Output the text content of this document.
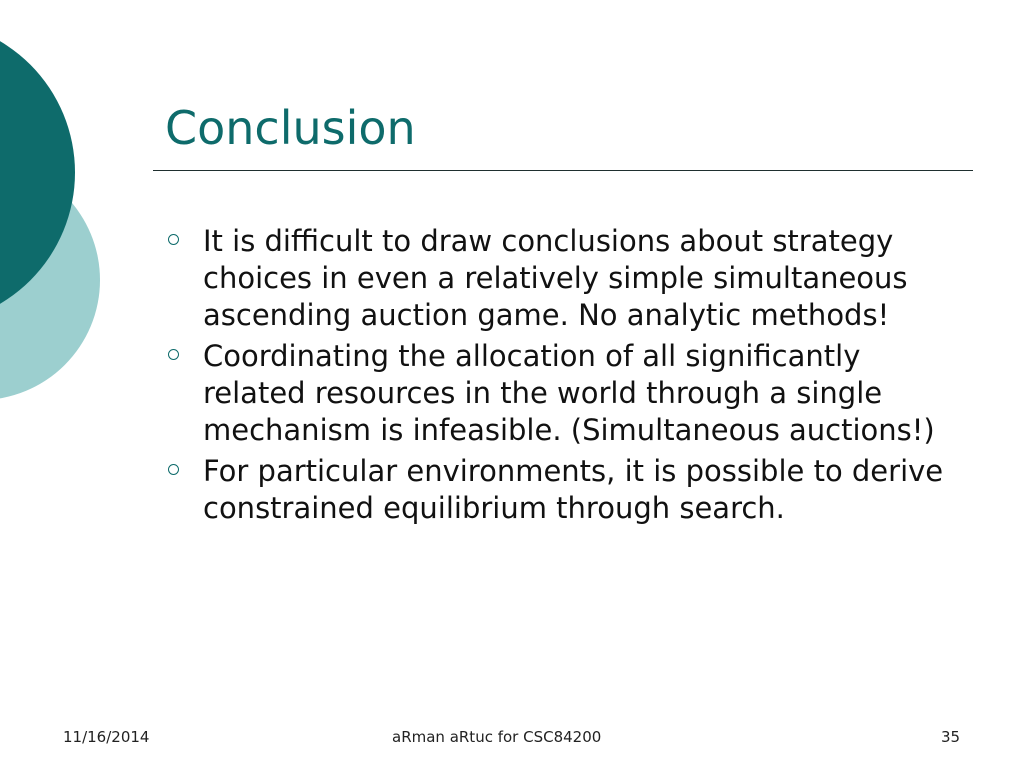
Conclusion
It is difficult to draw conclusions about strategy choices in even a relatively simple simultaneous ascending auction game. No analytic methods!
Coordinating the allocation of all significantly related resources in the world through a single mechanism is infeasible. (Simultaneous auctions!)
For particular environments, it is possible to derive constrained equilibrium through search.
11/16/2014	aRman aRtuc for CSC84200	35
